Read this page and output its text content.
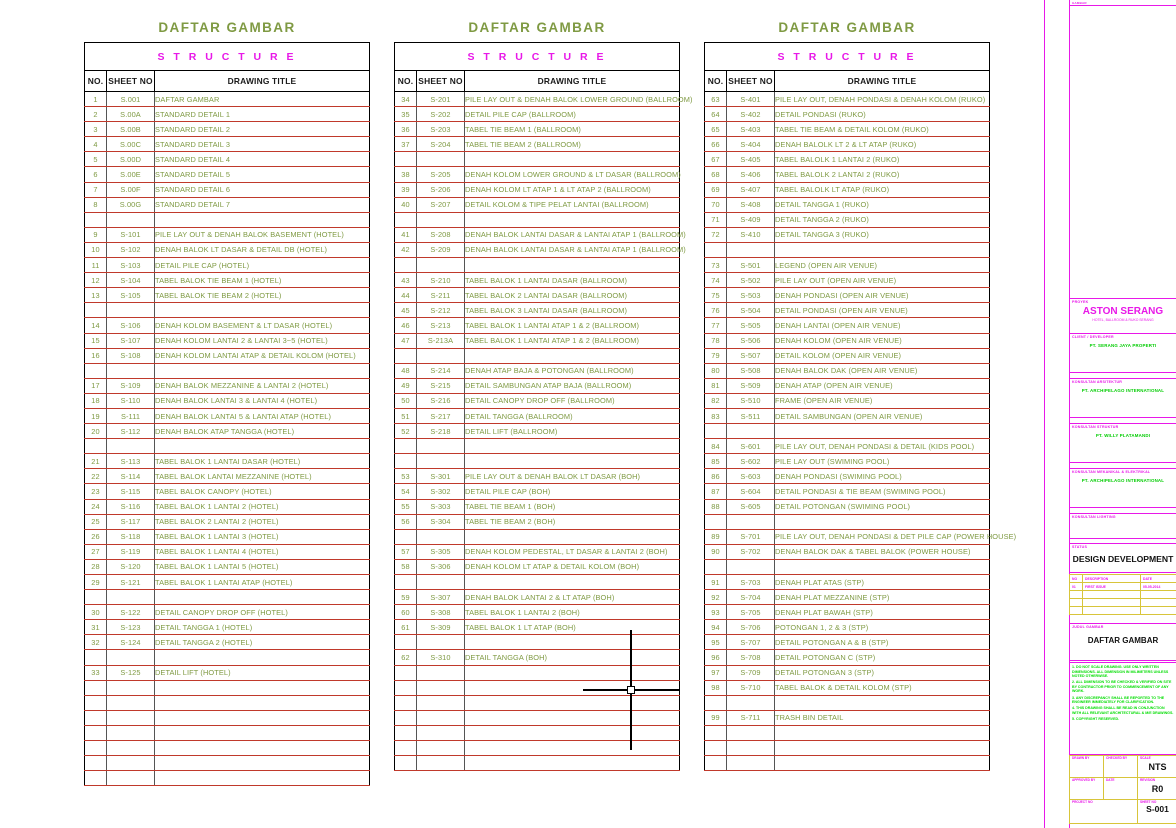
DAFTAR GAMBAR
S T R U C T U R E		
NO.	SHEET NO	DRAWING TITLE
1	S.001	DAFTAR GAMBAR
2	S.00A	STANDARD DETAIL 1
3	S.00B	STANDARD DETAIL 2
4	S.00C	STANDARD DETAIL 3
5	S.00D	STANDARD DETAIL 4
6	S.00E	STANDARD DETAIL 5
7	S.00F	STANDARD DETAIL 6
8	S.00G	STANDARD DETAIL 7

9	S-101	PILE LAY OUT & DENAH BALOK BASEMENT (HOTEL)
10	S-102	DENAH BALOK LT DASAR & DETAIL DB (HOTEL)
11	S-103	DETAIL PILE CAP (HOTEL)
12	S-104	TABEL BALOK TIE BEAM 1 (HOTEL)
13	S-105	TABEL BALOK TIE BEAM 2 (HOTEL)

14	S-106	DENAH KOLOM BASEMENT & LT DASAR (HOTEL)
15	S-107	DENAH KOLOM LANTAI 2 & LANTAI 3~5 (HOTEL)
16	S-108	DENAH KOLOM LANTAI ATAP & DETAIL KOLOM (HOTEL)

17	S-109	DENAH BALOK MEZZANINE & LANTAI 2 (HOTEL)
18	S-110	DENAH BALOK LANTAI 3 & LANTAI 4 (HOTEL)
19	S-111	DENAH BALOK LANTAI 5 & LANTAI ATAP (HOTEL)
20	S-112	DENAH BALOK ATAP TANGGA (HOTEL)

21	S-113	TABEL BALOK 1 LANTAI DASAR (HOTEL)
22	S-114	TABEL BALOK LANTAI MEZZANINE (HOTEL)
23	S-115	TABEL BALOK CANOPY (HOTEL)
24	S-116	TABEL BALOK 1 LANTAI 2 (HOTEL)
25	S-117	TABEL BALOK 2 LANTAI 2 (HOTEL)
26	S-118	TABEL BALOK 1 LANTAI 3 (HOTEL)
27	S-119	TABEL BALOK 1 LANTAI 4 (HOTEL)
28	S-120	TABEL BALOK 1 LANTAI 5 (HOTEL)
29	S-121	TABEL BALOK 1 LANTAI ATAP (HOTEL)

30	S-122	DETAIL CANOPY DROP OFF (HOTEL)
31	S-123	DETAIL TANGGA 1 (HOTEL)
32	S-124	DETAIL TANGGA 2 (HOTEL)

33	S-125	DETAIL LIFT (HOTEL)

DAFTAR GAMBAR
S T R U C T U R E		
NO.	SHEET NO	DRAWING TITLE
34	S-201	PILE LAY OUT & DENAH BALOK LOWER GROUND (BALLROOM)
35	S-202	DETAIL PILE CAP (BALLROOM)
36	S-203	TABEL TIE BEAM 1 (BALLROOM)
37	S-204	TABEL TIE BEAM 2 (BALLROOM)

38	S-205	DENAH KOLOM LOWER GROUND & LT DASAR (BALLROOM)
39	S-206	DENAH KOLOM LT ATAP 1 & LT ATAP 2 (BALLROOM)
40	S-207	DETAIL KOLOM & TIPE PELAT LANTAI (BALLROOM)

41	S-208	DENAH BALOK LANTAI DASAR & LANTAI ATAP 1 (BALLROOM)
42	S-209	DENAH BALOK LANTAI DASAR & LANTAI ATAP 1 (BALLROOM)

43	S-210	TABEL BALOK 1 LANTAI DASAR (BALLROOM)
44	S-211	TABEL BALOK 2 LANTAI DASAR (BALLROOM)
45	S-212	TABEL BALOK 3 LANTAI DASAR (BALLROOM)
46	S-213	TABEL BALOK 1 LANTAI ATAP 1 & 2 (BALLROOM)
47	S-213A	TABEL BALOK 1 LANTAI ATAP 1 & 2 (BALLROOM)

48	S-214	DENAH ATAP BAJA & POTONGAN (BALLROOM)
49	S-215	DETAIL SAMBUNGAN ATAP BAJA (BALLROOM)
50	S-216	DETAIL CANOPY DROP OFF (BALLROOM)
51	S-217	DETAIL TANGGA (BALLROOM)
52	S-218	DETAIL LIFT (BALLROOM)

53	S-301	PILE LAY OUT & DENAH BALOK LT DASAR (BOH)
54	S-302	DETAIL PILE CAP (BOH)
55	S-303	TABEL TIE BEAM 1 (BOH)
56	S-304	TABEL TIE BEAM 2 (BOH)

57	S-305	DENAH KOLOM PEDESTAL, LT DASAR & LANTAI 2 (BOH)
58	S-306	DENAH KOLOM LT ATAP & DETAIL KOLOM (BOH)

59	S-307	DENAH BALOK LANTAI 2 & LT ATAP (BOH)
60	S-308	TABEL BALOK 1 LANTAI 2 (BOH)
61	S-309	TABEL BALOK 1 LT ATAP (BOH)

62	S-310	DETAIL TANGGA (BOH)

DAFTAR GAMBAR
S T R U C T U R E		
NO.	SHEET NO	DRAWING TITLE
63	S-401	PILE LAY OUT, DENAH PONDASI & DENAH KOLOM (RUKO)
64	S-402	DETAIL PONDASI (RUKO)
65	S-403	TABEL TIE BEAM & DETAIL KOLOM (RUKO)
66	S-404	DENAH BALOLK LT 2 & LT ATAP (RUKO)
67	S-405	TABEL BALOLK 1 LANTAI 2 (RUKO)
68	S-406	TABEL BALOLK 2 LANTAI 2 (RUKO)
69	S-407	TABEL BALOLK LT ATAP (RUKO)
70	S-408	DETAIL TANGGA 1 (RUKO)
71	S-409	DETAIL TANGGA 2 (RUKO)
72	S-410	DETAIL TANGGA 3 (RUKO)

73	S-501	LEGEND (OPEN AIR VENUE)
74	S-502	PILE LAY OUT (OPEN AIR VENUE)
75	S-503	DENAH PONDASI (OPEN AIR VENUE)
76	S-504	DETAIL PONDASI (OPEN AIR VENUE)
77	S-505	DENAH LANTAI (OPEN AIR VENUE)
78	S-506	DENAH KOLOM (OPEN AIR VENUE)
79	S-507	DETAIL KOLOM (OPEN AIR VENUE)
80	S-508	DENAH BALOK DAK (OPEN AIR VENUE)
81	S-509	DENAH ATAP (OPEN AIR VENUE)
82	S-510	FRAME (OPEN AIR VENUE)
83	S-511	DETAIL SAMBUNGAN (OPEN AIR VENUE)

84	S-601	PILE LAY OUT, DENAH PONDASI & DETAIL (KIDS POOL)
85	S-602	PILE LAY OUT (SWIMING POOL)
86	S-603	DENAH PONDASI (SWIMING POOL)
87	S-604	DETAIL PONDASI & TIE BEAM (SWIMING POOL)
88	S-605	DETAIL POTONGAN (SWIMING POOL)

89	S-701	PILE LAY OUT, DENAH PONDASI & DET PILE CAP (POWER HOUSE)
90	S-702	DENAH BALOK DAK & TABEL BALOK (POWER HOUSE)

91	S-703	DENAH PLAT ATAS (STP)
92	S-704	DENAH PLAT MEZZANINE (STP)
93	S-705	DENAH PLAT BAWAH (STP)
94	S-706	POTONGAN 1, 2 & 3 (STP)
95	S-707	DETAIL POTONGAN A & B (STP)
96	S-708	DETAIL POTONGAN C (STP)
97	S-709	DETAIL POTONGAN 3 (STP)
98	S-710	TABEL BALOK & DETAIL KOLOM (STP)

99	S-711	TRASH BIN DETAIL

GAMBAR
PROYEK
ASTON SERANG
HOTEL, BALLROOM & RUKO SERANG
CLIENT / DEVELOPER
PT. SERANG JAYA PROPERTI
KONSULTAN ARSITEKTUR
PT. ARCHIPELAGO INTERNATIONAL
KONSULTAN STRUKTUR
PT. WILLY PLATAMANDI
KONSULTAN MEKANIKAL & ELEKTRIKAL
PT. ARCHIPELAGO INTERNATIONAL
KONSULTAN LIGHTING
STATUS
DESIGN DEVELOPMENT
NO	DESCRIPTION	DATE
01	FIRST ISSUE	05-05-2014

JUDUL GAMBAR
DAFTAR GAMBAR

1. DO NOT SCALE DRAWING. USE ONLY WRITTEN DIMENSIONS. ALL DIMENSION IN MILIMETERS UNLESS NOTED OTHERWISE.

2. ALL DIMENSION TO BE CHECKED & VERIFIED ON SITE BY CONTRACTOR PRIOR TO COMMENCEMENT OF ANY WORK.

3. ANY DISCREPANCY SHALL BE REPORTED TO THE ENGINEER IMMEDIATELY FOR CLARIFICATION.

4. THIS DRAWING SHALL BE READ IN CONJUNCTION WITH ALL RELEVANT ARCHITECTURAL & M/E DRAWINGS.

5. COPYRIGHT RESERVED.

DRAWN BY	CHECKED BY	SCALE
NTS

APPROVED BY	DATE	REVISION
R0

PROJECT NO		SHEET NO
S-001
